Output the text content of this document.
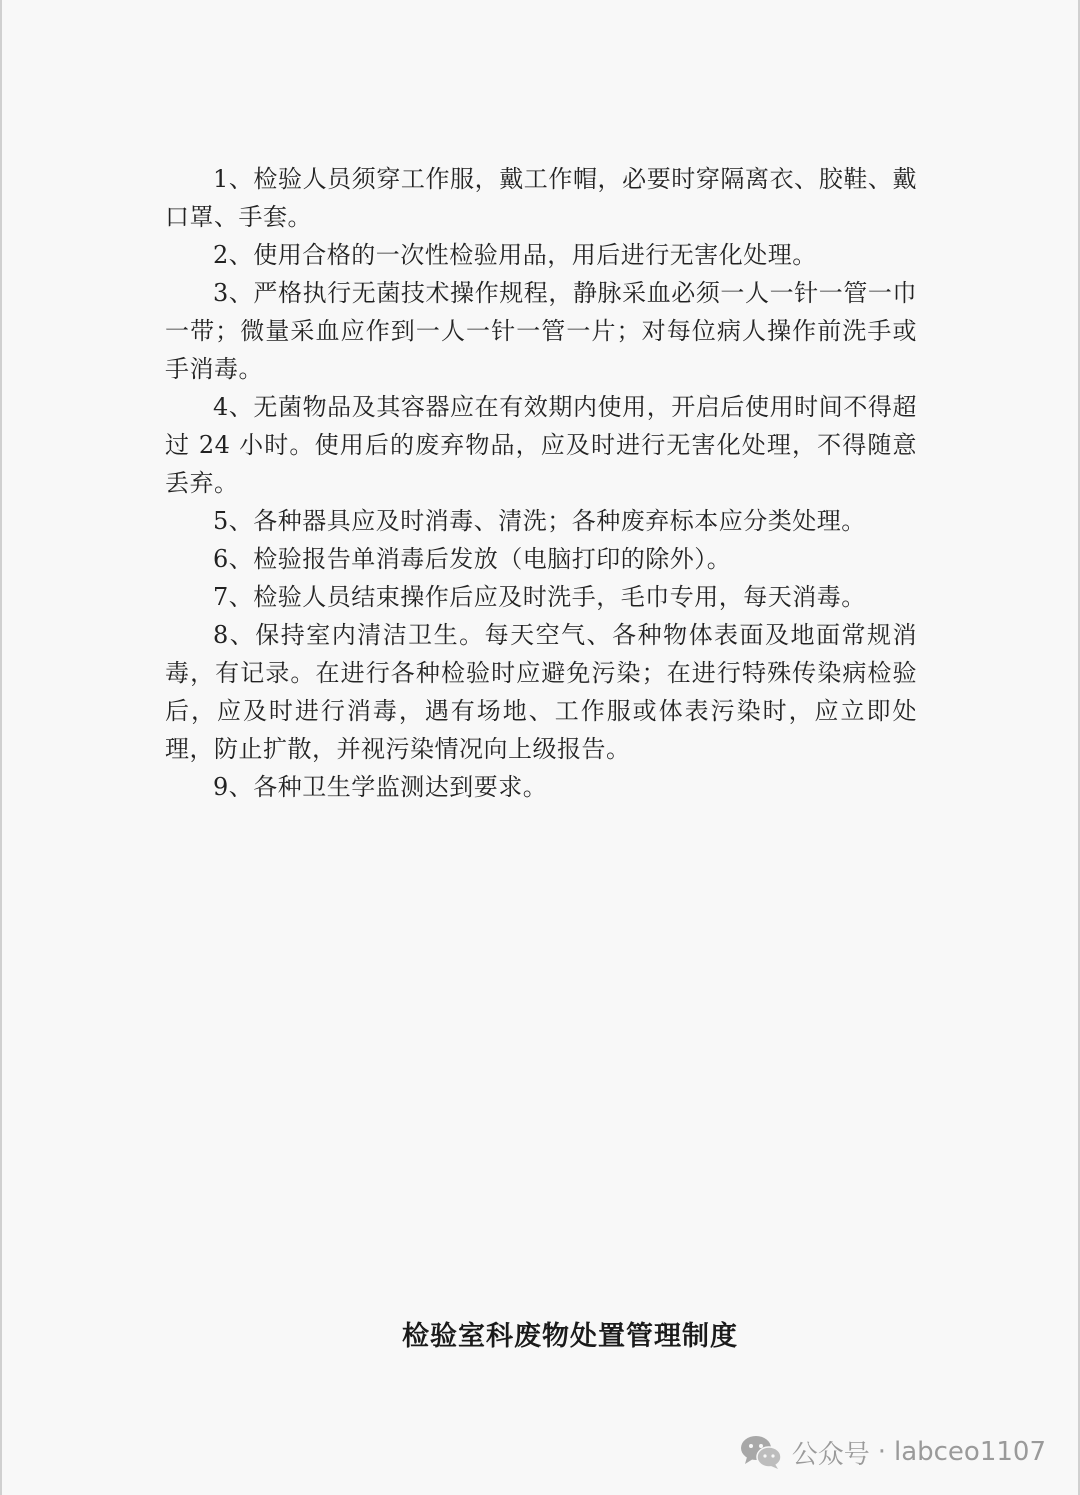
1、检验人员须穿工作服，戴工作帽，必要时穿隔离衣、胶鞋、戴口罩、手套。

2、使用合格的一次性检验用品，用后进行无害化处理。

3、严格执行无菌技术操作规程，静脉采血必须一人一针一管一巾一带；微量采血应作到一人一针一管一片；对每位病人操作前洗手或手消毒。

4、无菌物品及其容器应在有效期内使用，开启后使用时间不得超过 24 小时。使用后的废弃物品，应及时进行无害化处理，不得随意丢弃。

5、各种器具应及时消毒、清洗；各种废弃标本应分类处理。

6、检验报告单消毒后发放（电脑打印的除外）。

7、检验人员结束操作后应及时洗手，毛巾专用，每天消毒。

8、保持室内清洁卫生。每天空气、各种物体表面及地面常规消毒，有记录。在进行各种检验时应避免污染；在进行特殊传染病检验后，应及时进行消毒，遇有场地、工作服或体表污染时，应立即处理，防止扩散，并视污染情况向上级报告。

9、各种卫生学监测达到要求。

检验室科废物处置管理制度
公众号 · labceo1107
